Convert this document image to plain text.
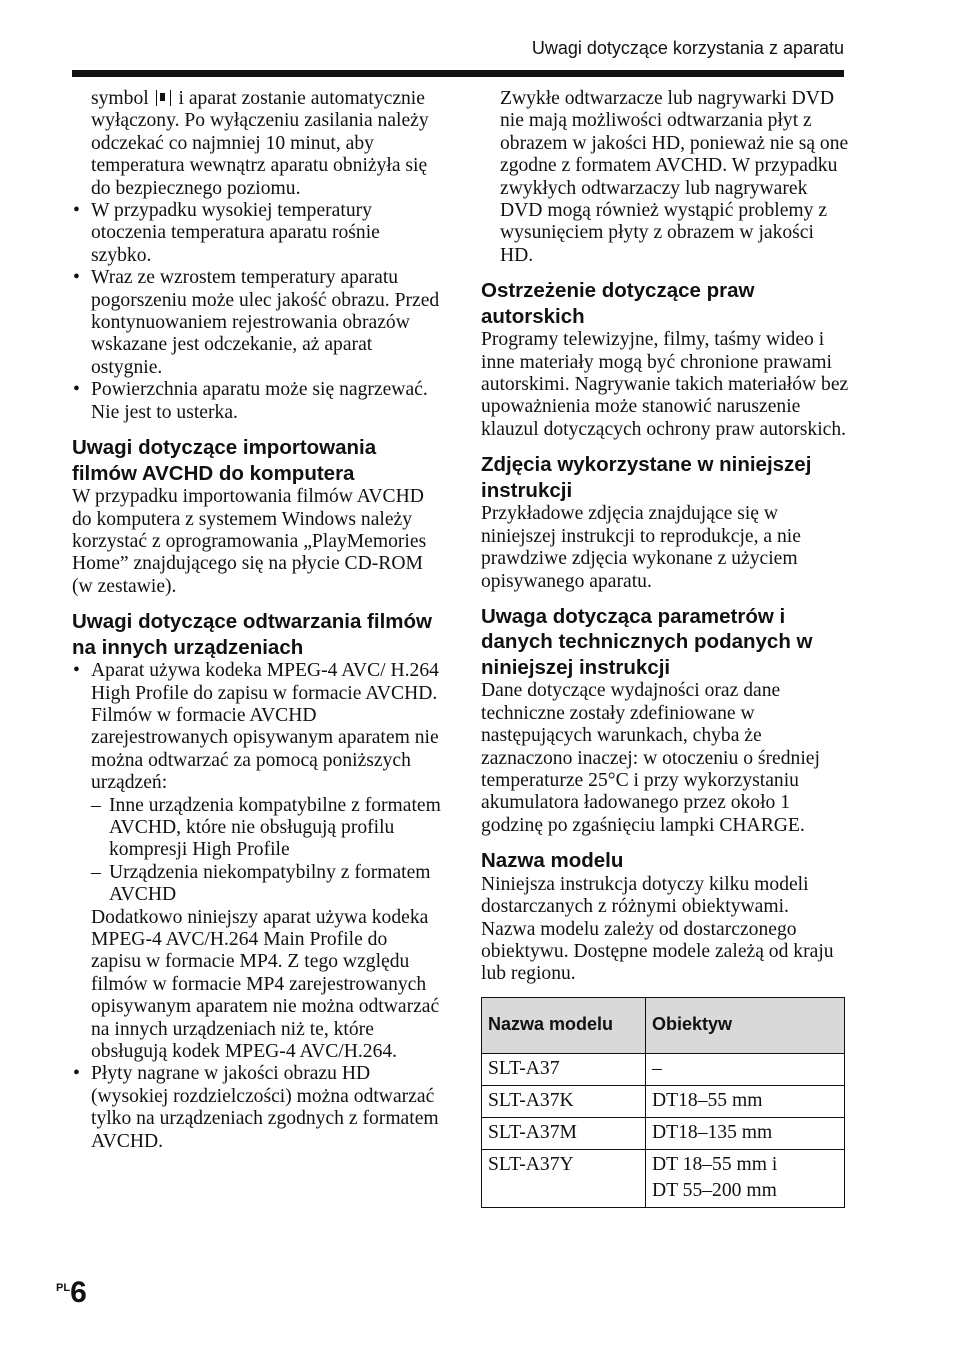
Uwagi dotyczące korzystania z aparatu

symbol i aparat zostanie automatycznie wyłączony. Po wyłączeniu zasilania należy odczekać co najmniej 10 minut, aby temperatura wewnątrz aparatu obniżyła się do bezpiecznego poziomu.

• W przypadku wysokiej temperatury otoczenia temperatura aparatu rośnie szybko.
• Wraz ze wzrostem temperatury aparatu pogorszeniu może ulec jakość obrazu. Przed kontynuowaniem rejestrowania obrazów wskazane jest odczekanie, aż aparat ostygnie.
• Powierzchnia aparatu może się nagrzewać. Nie jest to usterka.
Uwagi dotyczące importowania filmów AVCHD do komputera

W przypadku importowania filmów AVCHD do komputera z systemem Windows należy korzystać z oprogramowania „PlayMemories Home” znajdującego się na płycie CD-ROM (w zestawie).

Uwagi dotyczące odtwarzania filmów na innych urządzeniach
• Aparat używa kodeka MPEG-4 AVC/ H.264 High Profile do zapisu w formacie AVCHD. Filmów w formacie AVCHD zarejestrowanych opisywanym aparatem nie można odtwarzać za pomocą poniższych urządzeń:
– Inne urządzenia kompatybilne z formatem AVCHD, które nie obsługują profilu kompresji High Profile
– Urządzenia niekompatybilny z formatem AVCHD
Dodatkowo niniejszy aparat używa kodeka MPEG-4 AVC/H.264 Main Profile do zapisu w formacie MP4. Z tego względu filmów w formacie MP4 zarejestrowanych opisywanym aparatem nie można odtwarzać na innych urządzeniach niż te, które obsługują kodek MPEG-4 AVC/H.264.
• Płyty nagrane w jakości obrazu HD (wysokiej rozdzielczości) można odtwarzać tylko na urządzeniach zgodnych z formatem AVCHD.

Zwykłe odtwarzacze lub nagrywarki DVD nie mają możliwości odtwarzania płyt z obrazem w jakości HD, ponieważ nie są one zgodne z formatem AVCHD. W przypadku zwykłych odtwarzaczy lub nagrywarek DVD mogą również wystąpić problemy z wysunięciem płyty z obrazem w jakości HD.

Ostrzeżenie dotyczące praw autorskich

Programy telewizyjne, filmy, taśmy wideo i inne materiały mogą być chronione prawami autorskimi. Nagrywanie takich materiałów bez upoważnienia może stanowić naruszenie klauzul dotyczących ochrony praw autorskich.

Zdjęcia wykorzystane w niniejszej instrukcji

Przykładowe zdjęcia znajdujące się w niniejszej instrukcji to reprodukcje, a nie prawdziwe zdjęcia wykonane z użyciem opisywanego aparatu.

Uwaga dotycząca parametrów i danych technicznych podanych w niniejszej instrukcji

Dane dotyczące wydajności oraz dane techniczne zostały zdefiniowane w następujących warunkach, chyba że zaznaczono inaczej: w otoczeniu o średniej temperaturze 25°C i przy wykorzystaniu akumulatora ładowanego przez około 1 godzinę po zgaśnięciu lampki CHARGE.

Nazwa modelu

Niniejsza instrukcja dotyczy kilku modeli dostarczanych z różnymi obiektywami.

Nazwa modelu zależy od dostarczonego obiektywu. Dostępne modele zależą od kraju lub regionu.

Nazwa modelu	Obiektyw
SLT-A37	–
SLT-A37K	DT18–55 mm
SLT-A37M	DT18–135 mm
SLT-A37Y	DT 18–55 mm i
DT 55–200 mm
$^{PL}$6
